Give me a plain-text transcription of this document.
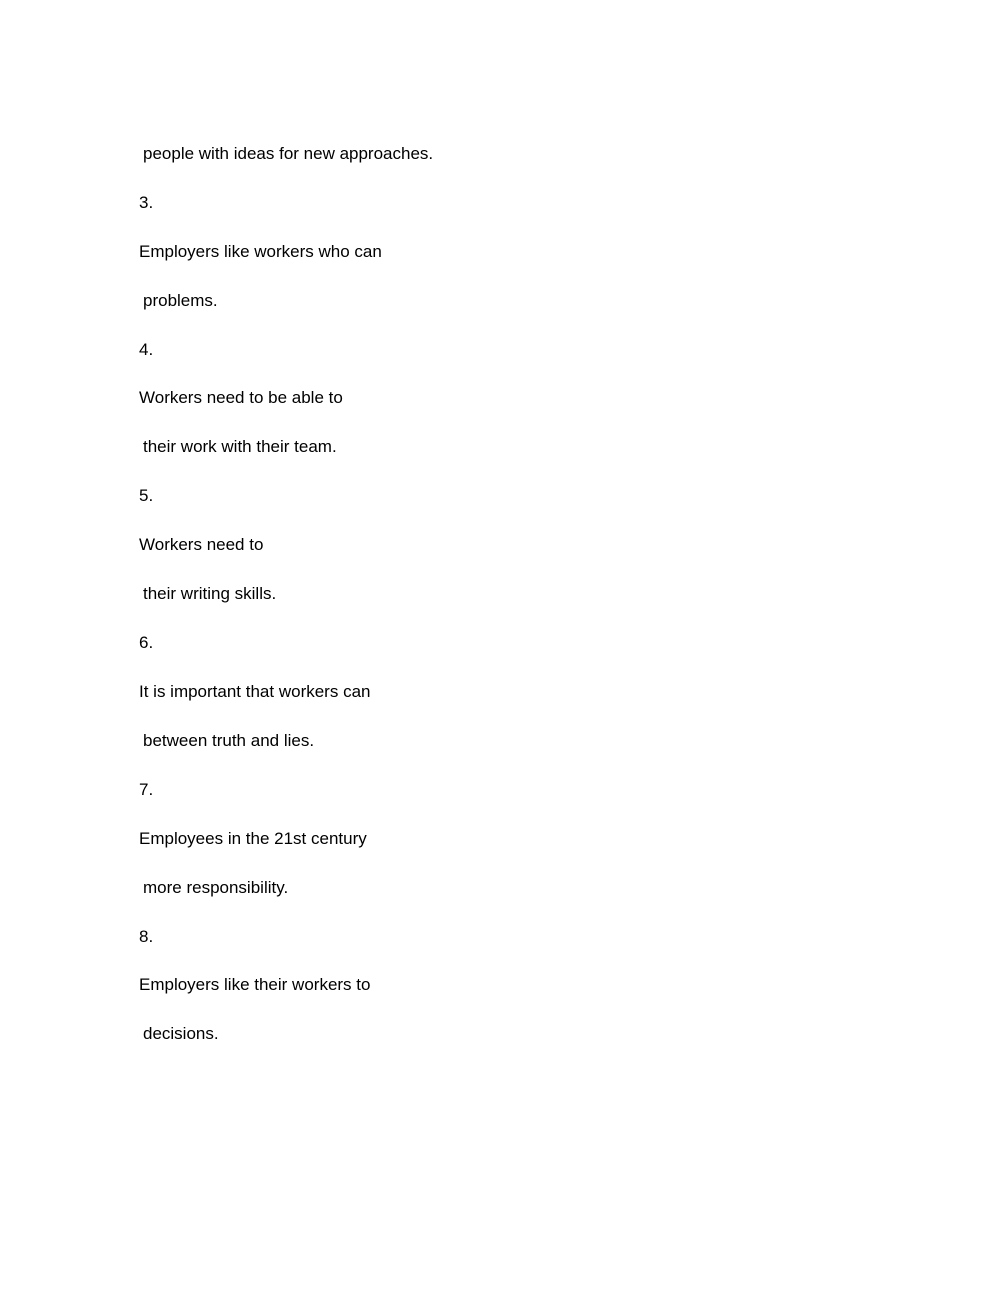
people with ideas for new approaches.
3.
Employers like workers who can
problems.
4.
Workers need to be able to
their work with their team.
5.
Workers need to
their writing skills.
6.
It is important that workers can
between truth and lies.
7.
Employees in the 21st century
more responsibility.
8.
Employers like their workers to
decisions.
